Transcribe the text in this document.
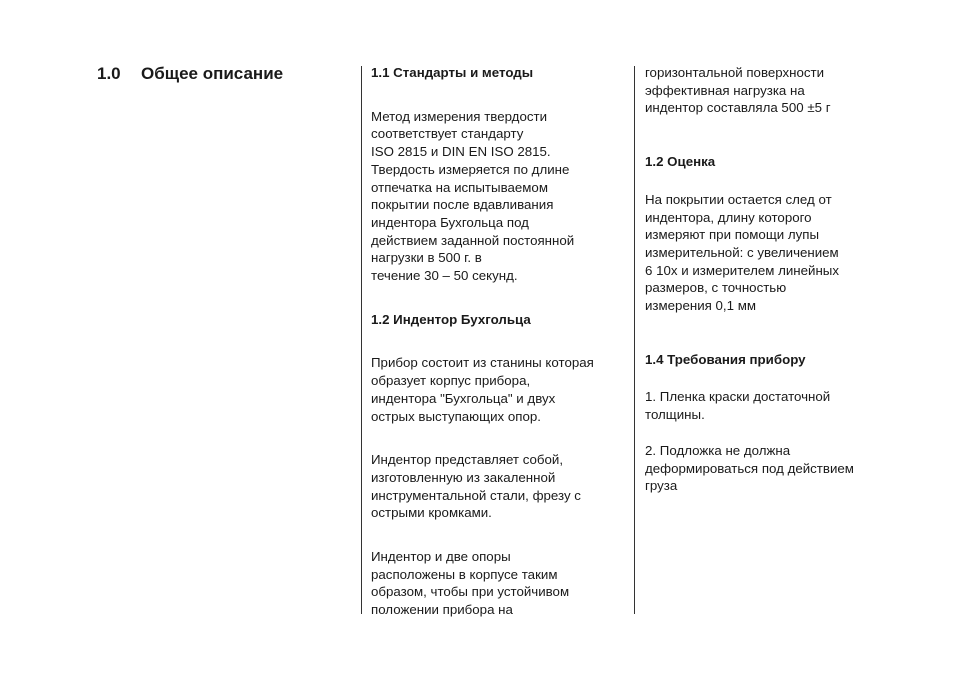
1.0 Общее описание	1.1 Стандарты и методы

Метод измерения твердости
соответствует стандарту
ISO 2815 и DIN EN ISO 2815.
Твердость измеряется по длине
отпечатка на испытываемом
покрытии после вдавливания
индентора Бухгольца под
действием заданной постоянной
нагрузки в 500 г. в
течение 30 – 50 секунд.

1.2 Индентор Бухгольца

Прибор состоит из станины которая
образует корпус прибора,
индентора "Бухгольца" и двух
острых выступающих опор.

Индентор представляет собой,
изготовленную из закаленной
инструментальной стали, фрезу с
острыми кромками.

Индентор и две опоры
расположены в корпусе таким
образом, чтобы при устойчивом
положении прибора на

горизонтальной поверхности
эффективная нагрузка на
индентор составляла 500 ±5 г

1.2 Оценка

На покрытии остается след от
индентора, длину которого
измеряют при помощи лупы
измерительной: с увеличением
6 10х и измерителем линейных
размеров, с точностью
измерения 0,1 мм

1.4 Требования прибору

1. Пленка краски достаточной
толщины.

2. Подложка не должна
деформироваться под действием
груза
